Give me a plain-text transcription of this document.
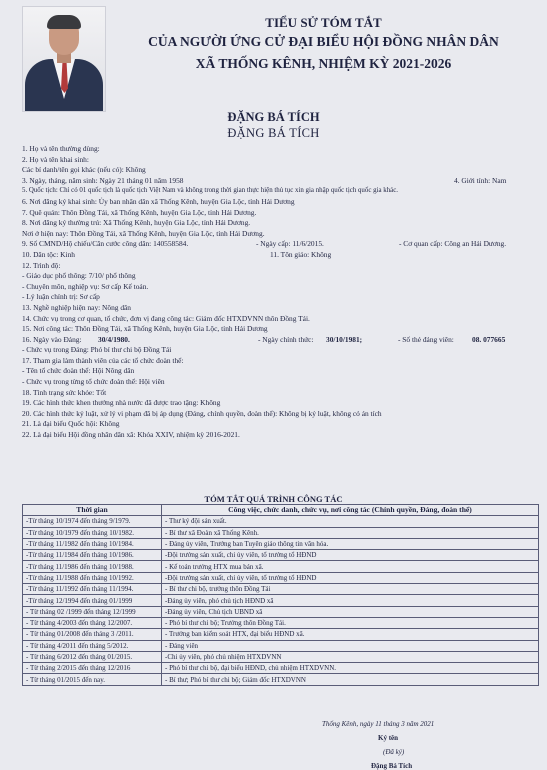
TIỂU SỬ TÓM TẮT
CỦA NGƯỜI ỨNG CỬ ĐẠI BIỂU HỘI ĐỒNG NHÂN DÂN
XÃ THỐNG KÊNH, NHIỆM KỲ 2021-2026
ĐẶNG BÁ TÍCH
ĐẶNG BÁ TÍCH
1. Họ và tên thường dùng:
2. Họ và tên khai sinh:
Các bí danh/tên gọi khác (nếu có): Không
3. Ngày, tháng, năm sinh: Ngày 21 tháng 01 năm 1958	4. Giới tính: Nam
5. Quốc tịch: Chỉ có 01 quốc tịch là quốc tịch Việt Nam và không trong thời gian thực hiện thủ tục xin gia nhập quốc tịch quốc gia khác.
6. Nơi đăng ký khai sinh: Ủy ban nhân dân xã Thống Kênh, huyện Gia Lộc, tỉnh Hải Dương
7. Quê quán: Thôn Đồng Tái, xã Thống Kênh, huyện Gia Lộc, tỉnh Hải Dương.
8. Nơi đăng ký thường trú: Xã Thống Kênh, huyện Gia Lộc, tỉnh Hải Dương.
Nơi ở hiện nay: Thôn Đồng Tái, xã Thống Kênh, huyện Gia Lộc, tỉnh Hải Dương.
9. Số CMND/Hộ chiếu/Căn cước công dân: 140558584.	- Ngày cấp: 11/6/2015.	- Cơ quan cấp: Công an Hải Dương.
10. Dân tộc: Kinh	11. Tôn giáo: Không
12. Trình độ:
- Giáo dục phổ thông: 7/10/ phổ thông
- Chuyên môn, nghiệp vụ: Sơ cấp Kế toán.
- Lý luận chính trị: Sơ cấp
13. Nghề nghiệp hiện nay: Nông dân
14. Chức vụ trong cơ quan, tổ chức, đơn vị đang công tác: Giám đốc HTXDVNN thôn Đồng Tái.
15. Nơi công tác: Thôn Đồng Tái, xã Thống Kênh, huyện Gia Lộc, tỉnh Hải Dương
16. Ngày vào Đảng: 30/4/1980.	- Ngày chính thức: 30/10/1981;	- Số thẻ đảng viên: 08. 077665
- Chức vụ trong Đảng: Phó bí thư chi bộ Đồng Tái
17. Tham gia làm thành viên của các tổ chức đoàn thể:
- Tên tổ chức đoàn thể: Hội Nông dân
- Chức vụ trong từng tổ chức đoàn thể: Hội viên
18. Tình trạng sức khỏe: Tốt
19. Các hình thức khen thưởng nhà nước đã được trao tặng: Không
20. Các hình thức kỷ luật, xử lý vi phạm đã bị áp dụng (Đảng, chính quyền, đoàn thể): Không bị kỷ luật, không có án tích
21. Là đại biểu Quốc hội: Không
22. Là đại biểu Hội đồng nhân dân xã: Khóa XXIV, nhiệm kỳ 2016-2021.
TÓM TẮT QUÁ TRÌNH CÔNG TÁC
Thời gian	Công việc, chức danh, chức vụ, nơi công tác (Chính quyền, Đảng, đoàn thể)
-Từ tháng 10/1974 đến tháng 9/1979.	- Thư ký đội sản xuất.
-Từ tháng 10/1979 đến tháng 10/1982.	- Bí thư xã Đoàn xã Thống Kênh.
-Từ tháng 11/1982 đến tháng 10/1984.	- Đảng ủy viên, Trưởng ban Tuyên giáo thông tin văn hóa.
-Từ tháng 11/1984 đến tháng 10/1986.	-Đội trưởng sản xuất, chi ủy viên, tổ trưởng tổ HĐND
-Từ tháng 11/1986 đến tháng 10/1988.	- Kế toán trưởng HTX mua bán xã.
-Từ tháng 11/1988 đến tháng 10/1992.	-Đội trưởng sản xuất, chi ủy viên, tổ trưởng tổ HĐND
-Từ tháng 11/1992 đến tháng 11/1994.	- Bí thư chi bộ, trưởng thôn Đồng Tái
-Từ tháng 12/1994 đến tháng 01/1999	-Đảng ủy viên, phó chủ tịch HĐND xã
- Từ tháng 02 /1999 đến tháng 12/1999	-Đảng ủy viên, Chủ tịch UBND xã
- Từ tháng 4/2003 đến tháng 12/2007.	- Phó bí thư chi bộ; Trưởng thôn Đồng Tái.
- Từ tháng 01/2008 đến tháng 3 /2011.	- Trưởng ban kiểm soát HTX, đại biểu HĐND xã.
- Từ tháng 4/2011 đến tháng 5/2012.	- Đảng viên
- Từ tháng 6/2012 đến tháng 01/2015.	-Chi ủy viên, phó chủ nhiệm HTXDVNN
- Từ tháng 2/2015 đến tháng 12/2016	- Phó bí thư chi bộ, đại biểu HĐND, chủ nhiệm HTXDVNN.
- Từ tháng 01/2015 đến nay.	- Bí thư; Phó bí thư chi bộ; Giám đốc HTXDVNN
Thống Kênh, ngày 11 tháng 3 năm 2021
Ký tên
(Đã ký)
Đặng Bá Tích
